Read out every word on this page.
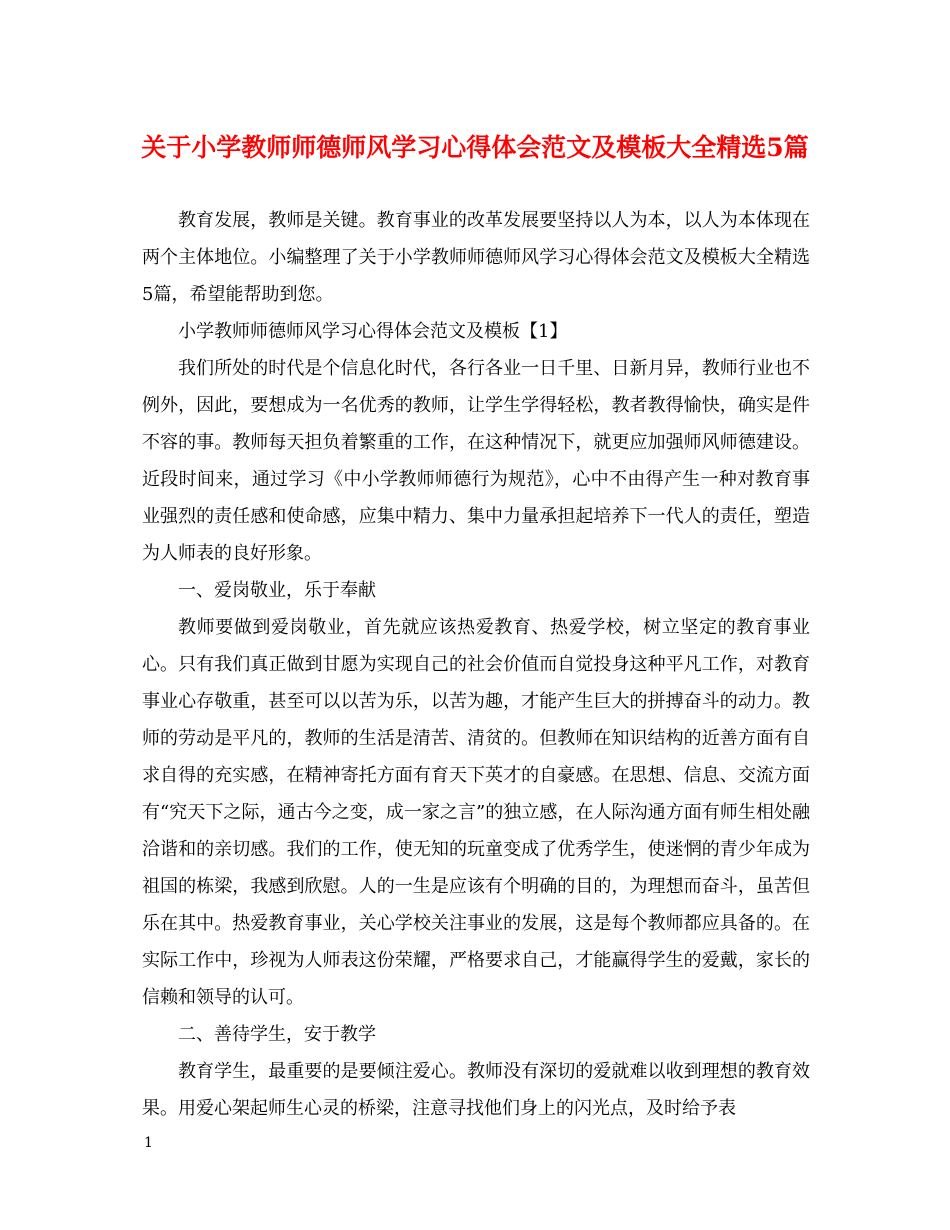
关于小学教师师德师风学习心得体会范文及模板大全精选5篇

教育发展，教师是关键。教育事业的改革发展要坚持以人为本，以人为本体现在两个主体地位。小编整理了关于小学教师师德师风学习心得体会范文及模板大全精选5篇，希望能帮助到您。

小学教师师德师风学习心得体会范文及模板【1】

我们所处的时代是个信息化时代，各行各业一日千里、日新月异，教师行业也不例外，因此，要想成为一名优秀的教师，让学生学得轻松，教者教得愉快，确实是件不容的事。教师每天担负着繁重的工作，在这种情况下，就更应加强师风师德建设。近段时间来，通过学习《中小学教师师德行为规范》，心中不由得产生一种对教育事业强烈的责任感和使命感，应集中精力、集中力量承担起培养下一代人的责任，塑造为人师表的良好形象。

一、爱岗敬业，乐于奉献

教师要做到爱岗敬业，首先就应该热爱教育、热爱学校，树立坚定的教育事业心。只有我们真正做到甘愿为实现自己的社会价值而自觉投身这种平凡工作，对教育事业心存敬重，甚至可以以苦为乐，以苦为趣，才能产生巨大的拼搏奋斗的动力。教师的劳动是平凡的，教师的生活是清苦、清贫的。但教师在知识结构的近善方面有自求自得的充实感，在精神寄托方面有育天下英才的自豪感。在思想、信息、交流方面有“究天下之际，通古今之变，成一家之言”的独立感，在人际沟通方面有师生相处融洽谐和的亲切感。我们的工作，使无知的玩童变成了优秀学生，使迷惘的青少年成为祖国的栋梁，我感到欣慰。人的一生是应该有个明确的目的，为理想而奋斗，虽苦但乐在其中。热爱教育事业，关心学校关注事业的发展，这是每个教师都应具备的。在实际工作中，珍视为人师表这份荣耀，严格要求自己，才能赢得学生的爱戴，家长的信赖和领导的认可。

二、善待学生，安于教学

教育学生，最重要的是要倾注爱心。教师没有深切的爱就难以收到理想的教育效果。用爱心架起师生心灵的桥梁，注意寻找他们身上的闪光点，及时给予表

1
